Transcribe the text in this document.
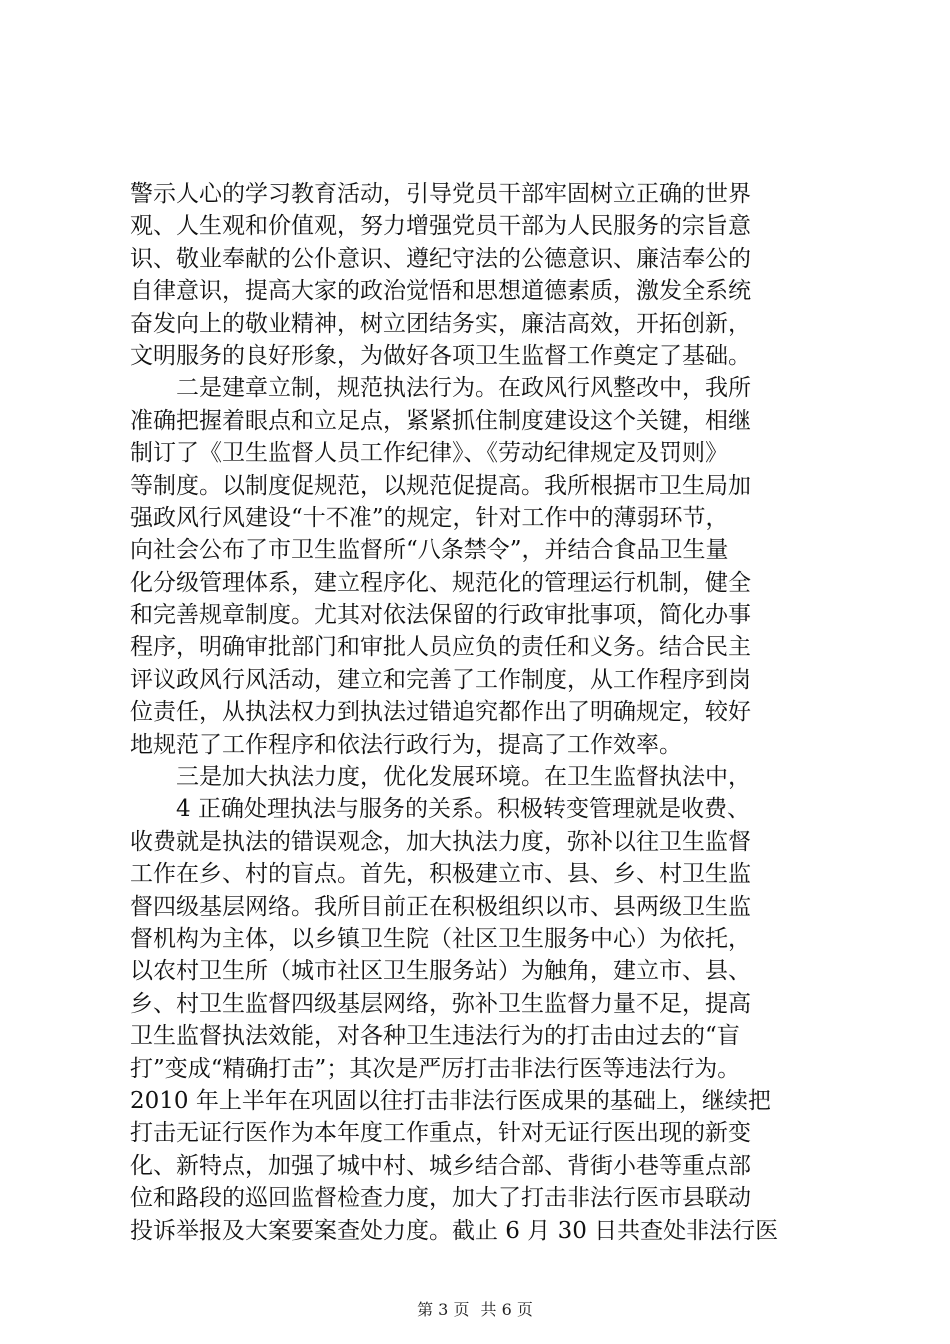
警示人心的学习教育活动，引导党员干部牢固树立正确的世界
观、人生观和价值观，努力增强党员干部为人民服务的宗旨意
识、敬业奉献的公仆意识、遵纪守法的公德意识、廉洁奉公的
自律意识，提高大家的政治觉悟和思想道德素质，激发全系统
奋发向上的敬业精神，树立团结务实，廉洁高效，开拓创新，
文明服务的良好形象，为做好各项卫生监督工作奠定了基础。
二是建章立制，规范执法行为。在政风行风整改中，我所
准确把握着眼点和立足点，紧紧抓住制度建设这个关键，相继
制订了《卫生监督人员工作纪律》、《劳动纪律规定及罚则》
等制度。以制度促规范，以规范促提高。我所根据市卫生局加
强政风行风建设“十不准”的规定，针对工作中的薄弱环节，
向社会公布了市卫生监督所“八条禁令”，并结合食品卫生量
化分级管理体系，建立程序化、规范化的管理运行机制，健全
和完善规章制度。尤其对依法保留的行政审批事项，简化办事
程序，明确审批部门和审批人员应负的责任和义务。结合民主
评议政风行风活动，建立和完善了工作制度，从工作程序到岗
位责任，从执法权力到执法过错追究都作出了明确规定，较好
地规范了工作程序和依法行政行为，提高了工作效率。
三是加大执法力度，优化发展环境。在卫生监督执法中，
4 正确处理执法与服务的关系。积极转变管理就是收费、
收费就是执法的错误观念，加大执法力度，弥补以往卫生监督
工作在乡、村的盲点。首先，积极建立市、县、乡、村卫生监
督四级基层网络。我所目前正在积极组织以市、县两级卫生监
督机构为主体，以乡镇卫生院（社区卫生服务中心）为依托，
以农村卫生所（城市社区卫生服务站）为触角，建立市、县、
乡、村卫生监督四级基层网络，弥补卫生监督力量不足，提高
卫生监督执法效能，对各种卫生违法行为的打击由过去的“盲
打”变成“精确打击”；其次是严厉打击非法行医等违法行为。
2010 年上半年在巩固以往打击非法行医成果的基础上，继续把
打击无证行医作为本年度工作重点，针对无证行医出现的新变
化、新特点，加强了城中村、城乡结合部、背街小巷等重点部
位和路段的巡回监督检查力度，加大了打击非法行医市县联动
投诉举报及大案要案查处力度。截止 6 月 30 日共查处非法行医
第 3 页 共 6 页
